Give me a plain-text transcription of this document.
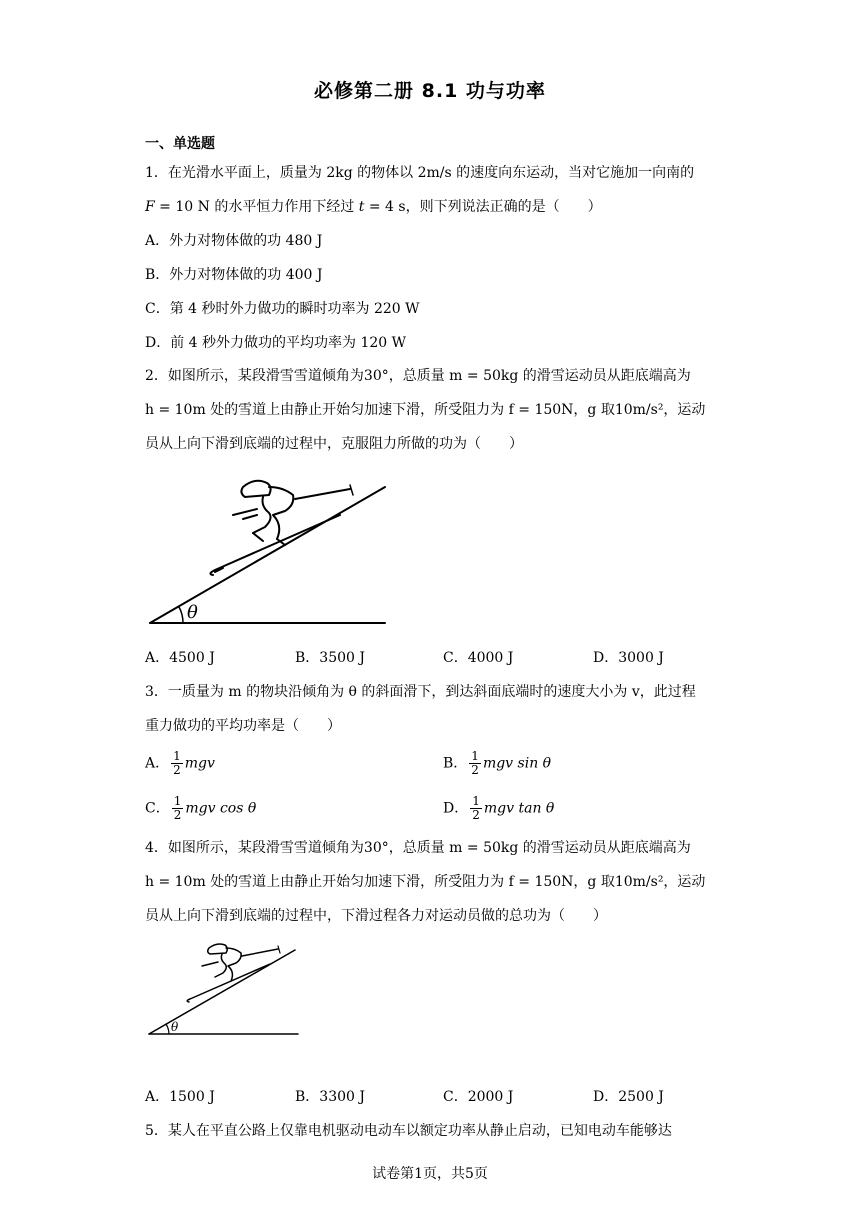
必修第二册 8.1 功与功率
一、单选题
1．在光滑水平面上，质量为 2kg 的物体以 2m/s 的速度向东运动，当对它施加一向南的
F = 10 N 的水平恒力作用下经过 t = 4 s，则下列说法正确的是（　　）
A．外力对物体做的功 480 J
B．外力对物体做的功 400 J
C．第 4 秒时外力做功的瞬时功率为 220 W
D．前 4 秒外力做功的平均功率为 120 W
2．如图所示，某段滑雪雪道倾角为30°，总质量 m = 50kg 的滑雪运动员从距底端高为
h = 10m 处的雪道上由静止开始匀加速下滑，所受阻力为 f = 150N，g 取10m/s²，运动
员从上向下滑到底端的过程中，克服阻力所做的功为（　　）
θ
A．4500 J	B．3500 J	C．4000 J	D．3000 J
3．一质量为 m 的物块沿倾角为 θ 的斜面滑下，到达斜面底端时的速度大小为 v，此过程
重力做功的平均功率是（　　）
A． $\frac{1}{2}$ mgv	B． $\frac{1}{2}$ mgv sin θ
C． $\frac{1}{2}$ mgv cos θ	D． $\frac{1}{2}$ mgv tan θ
4．如图所示，某段滑雪雪道倾角为30°，总质量 m = 50kg 的滑雪运动员从距底端高为
h = 10m 处的雪道上由静止开始匀加速下滑，所受阻力为 f = 150N，g 取10m/s²，运动
员从上向下滑到底端的过程中，下滑过程各力对运动员做的总功为（　　）
θ
A．1500 J	B．3300 J	C．2000 J	D．2500 J
5．某人在平直公路上仅靠电机驱动电动车以额定功率从静止启动，已知电动车能够达
试卷第1页，共5页
